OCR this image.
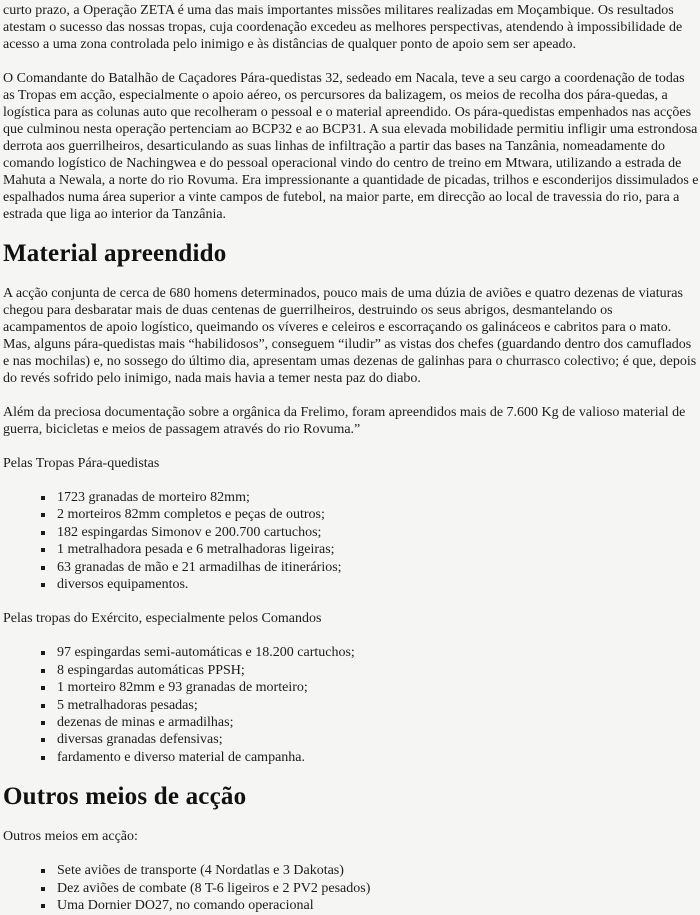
curto prazo, a Operação ZETA é uma das mais importantes missões militares realizadas em Moçambique. Os resultados atestam o sucesso das nossas tropas, cuja coordenação excedeu as melhores perspectivas, atendendo à impossibilidade de acesso a uma zona controlada pelo inimigo e às distâncias de qualquer ponto de apoio sem ser apeado.

O Comandante do Batalhão de Caçadores Pára-quedistas 32, sedeado em Nacala, teve a seu cargo a coordenação de todas as Tropas em acção, especialmente o apoio aéreo, os percursores da balizagem, os meios de recolha dos pára-quedas, a logística para as colunas auto que recolheram o pessoal e o material apreendido. Os pára-quedistas empenhados nas acções que culminou nesta operação pertenciam ao BCP32 e ao BCP31. A sua elevada mobilidade permitiu infligir uma estrondosa derrota aos guerrilheiros, desarticulando as suas linhas de infiltração a partir das bases na Tanzânia, nomeadamente do comando logístico de Nachingwea e do pessoal operacional vindo do centro de treino em Mtwara, utilizando a estrada de Mahuta a Newala, a norte do rio Rovuma. Era impressionante a quantidade de picadas, trilhos e esconderijos dissimulados e espalhados numa área superior a vinte campos de futebol, na maior parte, em direcção ao local de travessia do rio, para a estrada que liga ao interior da Tanzânia.

Material apreendido

A acção conjunta de cerca de 680 homens determinados, pouco mais de uma dúzia de aviões e quatro dezenas de viaturas chegou para desbaratar mais de duas centenas de guerrilheiros, destruindo os seus abrigos, desmantelando os acampamentos de apoio logístico, queimando os víveres e celeiros e escorraçando os galináceos e cabritos para o mato. Mas, alguns pára-quedistas mais “habilidosos”, conseguem “iludir” as vistas dos chefes (guardando dentro dos camuflados e nas mochilas) e, no sossego do último dia, apresentam umas dezenas de galinhas para o churrasco colectivo; é que, depois do revés sofrido pelo inimigo, nada mais havia a temer nesta paz do diabo.

Além da preciosa documentação sobre a orgânica da Frelimo, foram apreendidos mais de 7.600 Kg de valioso material de guerra, bicicletas e meios de passagem através do rio Rovuma.”

Pelas Tropas Pára-quedistas

▪ 1723 granadas de morteiro 82mm;
▪ 2 morteiros 82mm completos e peças de outros;
▪ 182 espingardas Simonov e 200.700 cartuchos;
▪ 1 metralhadora pesada e 6 metralhadoras ligeiras;
▪ 63 granadas de mão e 21 armadilhas de itinerários;
▪ diversos equipamentos.

Pelas tropas do Exército, especialmente pelos Comandos

▪ 97 espingardas semi-automáticas e 18.200 cartuchos;
▪ 8 espingardas automáticas PPSH;
▪ 1 morteiro 82mm e 93 granadas de morteiro;
▪ 5 metralhadoras pesadas;
▪ dezenas de minas e armadilhas;
▪ diversas granadas defensivas;
▪ fardamento e diverso material de campanha.
Outros meios de acção

Outros meios em acção:

▪ Sete aviões de transporte (4 Nordatlas e 3 Dakotas)
▪ Dez aviões de combate (8 T-6 ligeiros e 2 PV2 pesados)
▪ Uma Dornier DO27, no comando operacional
